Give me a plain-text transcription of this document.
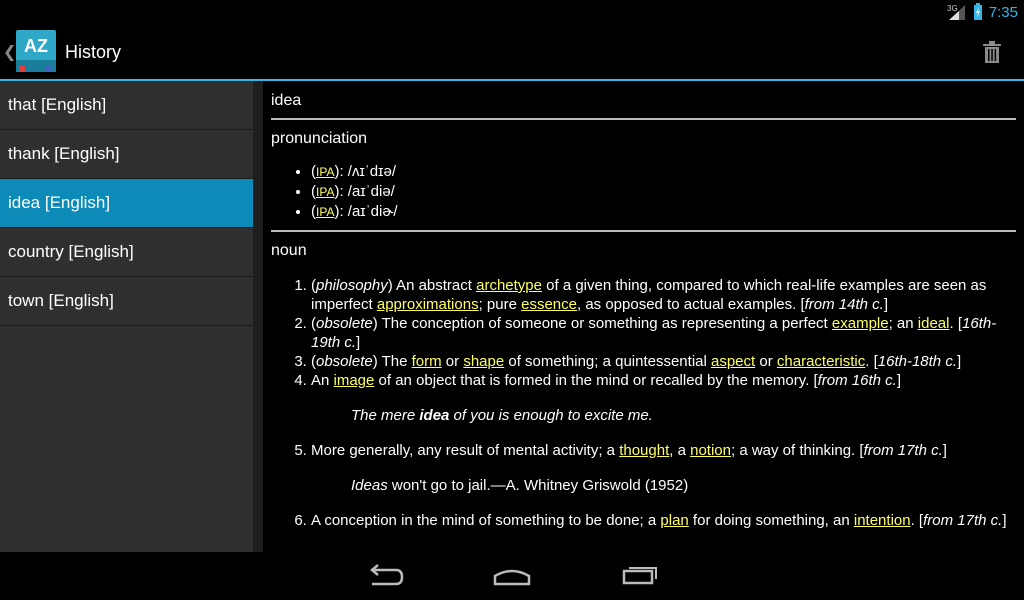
3G 7:35
❮ AZ History
that [English]
thank [English]
idea [English]
country [English]
town [English]
idea
pronunciation
• (IPA): /ʌɪˈdɪə/
• (IPA): /aɪˈdiə/
• (IPA): /aɪˈdiɚ/
noun
1. (philosophy) An abstract archetype of a given thing, compared to which real-life examples are seen as imperfect approximations; pure essence, as opposed to actual examples. [from 14th c.]
2. (obsolete) The conception of someone or something as representing a perfect example; an ideal. [16th-19th c.]
3. (obsolete) The form or shape of something; a quintessential aspect or characteristic. [16th-18th c.]
4. An image of an object that is formed in the mind or recalled by the memory. [from 16th c.]
The mere idea of you is enough to excite me.
5. More generally, any result of mental activity; a thought, a notion; a way of thinking. [from 17th c.]
Ideas won't go to jail.—A. Whitney Griswold (1952)
6. A conception in the mind of something to be done; a plan for doing something, an intention. [from 17th c.]
